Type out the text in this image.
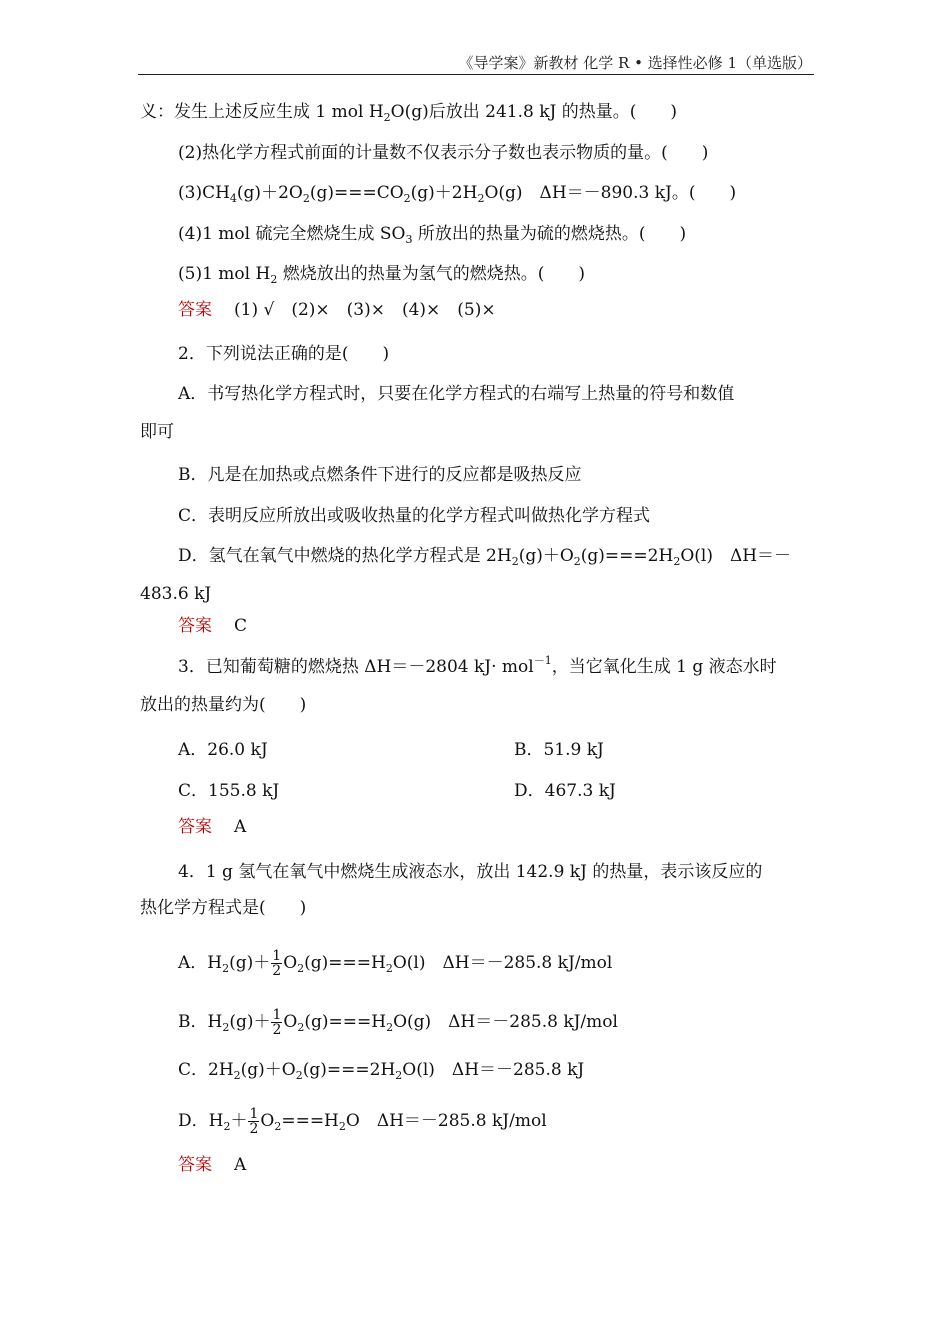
《导学案》新教材 化学 R • 选择性必修 1（单选版）
义：发生上述反应生成 1 mol $H_2O(g)$后放出 241.8 kJ 的热量。(　　)
(2)热化学方程式前面的计量数不仅表示分子数也表示物质的量。(　　)
$(3)CH_4(g)+2O_2(g)===CO_2(g)+2H_2O(g)$　ΔH＝－890.3 kJ。(　　)
(4)1 mol 硫完全燃烧生成 $SO_3$ 所放出的热量为硫的燃烧热。(　　)
(5)1 mol $H_2$ 燃烧放出的热量为氢气的燃烧热。(　　)
答案 (1) √　(2)×　(3)×　(4)×　(5)×
2．下列说法正确的是(　　)
A．书写热化学方程式时，只要在化学方程式的右端写上热量的符号和数值
即可
B．凡是在加热或点燃条件下进行的反应都是吸热反应
C．表明反应所放出或吸收热量的化学方程式叫做热化学方程式
D．氢气在氧气中燃烧的热化学方程式是 $2H_2(g)+O_2(g)===2H_2O(l)$　ΔH＝－
483.6 kJ
答案 C
3．已知葡萄糖的燃烧热 ΔH＝－2804 kJ· mol$^{-1}$，当它氧化生成 1 g 液态水时
放出的热量约为(　　)
A．26.0 kJ	B．51.9 kJ
C．155.8 kJ	D．467.3 kJ
答案 A
4．1 g 氢气在氧气中燃烧生成液态水，放出 142.9 kJ 的热量，表示该反应的
热化学方程式是(　　)
A．$H_2(g)+ \frac{1}{2} O_2(g)===H_2O(l)$　ΔH＝－285.8 kJ/mol
B．$H_2(g)+ \frac{1}{2} O_2(g)===H_2O(g)$　ΔH＝－285.8 kJ/mol
C．$2H_2(g)+O_2(g)===2H_2O(l)$　ΔH＝－285.8 kJ
D．$H_2+ \frac{1}{2} O_2===H_2O$　ΔH＝－285.8 kJ/mol
答案 A
